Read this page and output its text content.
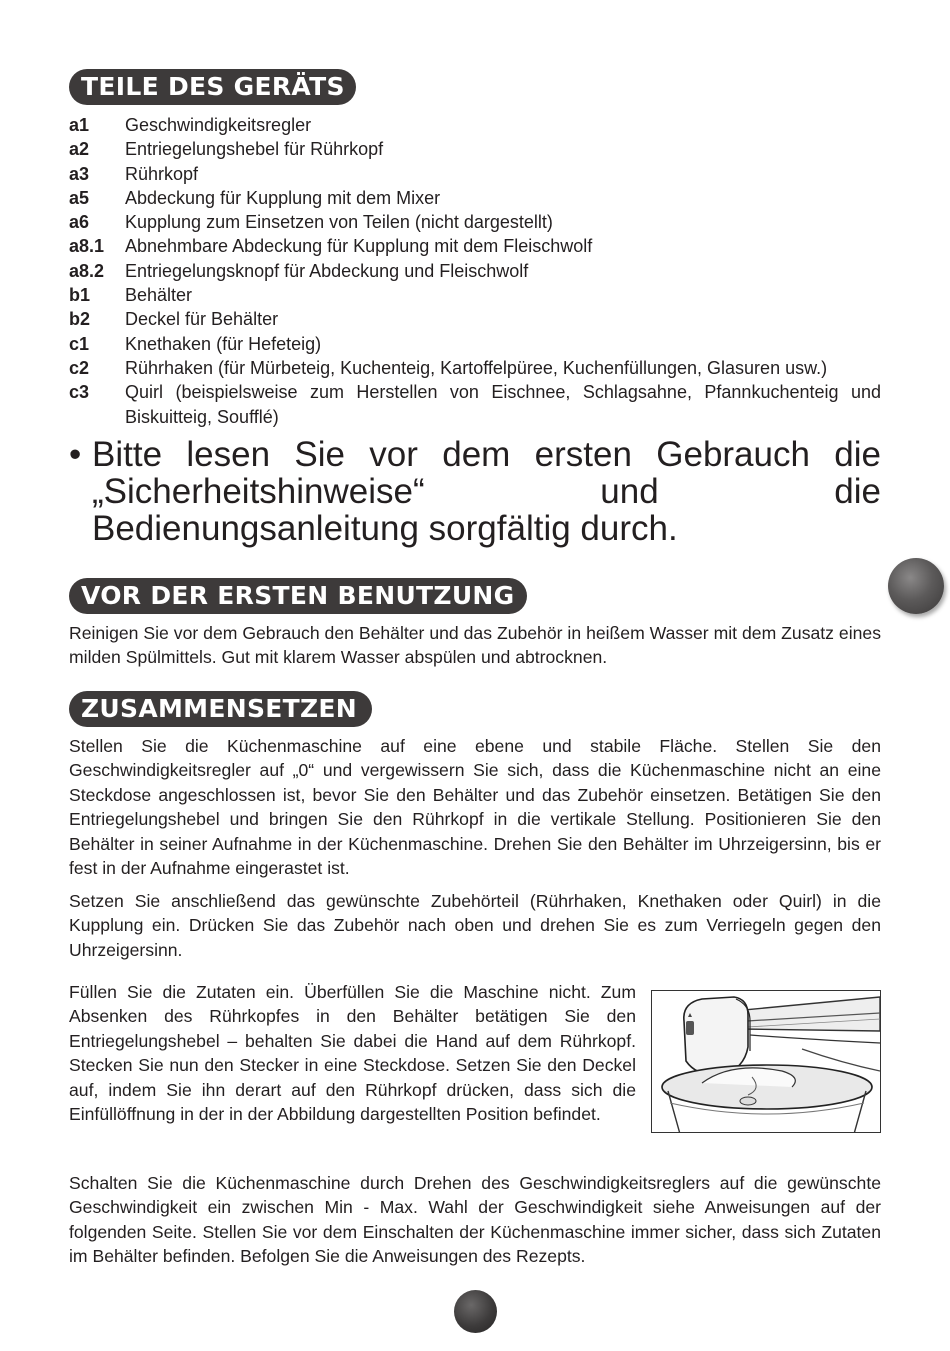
TEILE DES GERÄTS
a1	Geschwindigkeitsregler
a2	Entriegelungshebel für Rührkopf
a3	Rührkopf
a5	Abdeckung für Kupplung mit dem Mixer
a6	Kupplung zum Einsetzen von Teilen (nicht dargestellt)
a8.1	Abnehmbare Abdeckung für Kupplung mit dem Fleischwolf
a8.2	Entriegelungsknopf für Abdeckung und Fleischwolf
b1	Behälter
b2	Deckel für Behälter
c1	Knethaken (für Hefeteig)
c2	Rührhaken (für Mürbeteig, Kuchenteig, Kartoffelpüree, Kuchenfüllungen, Glasuren usw.)
c3	Quirl (beispielsweise zum Herstellen von Eischnee, Schlagsahne, Pfannkuchenteig und Biskuitteig, Soufflé)
• Bitte lesen Sie vor dem ersten Gebrauch die „Sicherheitshinweise“ und die Bedienungsanleitung sorgfältig durch.
VOR DER ERSTEN BENUTZUNG

Reinigen Sie vor dem Gebrauch den Behälter und das Zubehör in heißem Wasser mit dem Zusatz eines milden Spülmittels. Gut mit klarem Wasser abspülen und abtrocknen.

ZUSAMMENSETZEN

Stellen Sie die Küchenmaschine auf eine ebene und stabile Fläche. Stellen Sie den Geschwindigkeitsregler auf „0“ und vergewissern Sie sich, dass die Küchenmaschine nicht an eine Steckdose angeschlossen ist, bevor Sie den Behälter und das Zubehör einsetzen. Betätigen Sie den Entriegelungshebel und bringen Sie den Rührkopf in die vertikale Stellung. Positionieren Sie den Behälter in seiner Aufnahme in der Küchenmaschine. Drehen Sie den Behälter im Uhrzeigersinn, bis er fest in der Aufnahme eingerastet ist.

Setzen Sie anschließend das gewünschte Zubehörteil (Rührhaken, Knethaken oder Quirl) in die Kupplung ein. Drücken Sie das Zubehör nach oben und drehen Sie es zum Verriegeln gegen den Uhrzeigersinn.

Füllen Sie die Zutaten ein. Überfüllen Sie die Maschine nicht. Zum Absenken des Rührkopfes in den Behälter betätigen Sie den Entriegelungshebel – behalten Sie dabei die Hand auf dem Rührkopf. Stecken Sie nun den Stecker in eine Steckdose. Setzen Sie den Deckel auf, indem Sie ihn derart auf den Rührkopf drücken, dass sich die Einfüllöffnung in der in der Abbildung dargestellten Position befindet.

Schalten Sie die Küchenmaschine durch Drehen des Geschwindigkeitsreglers auf die gewünschte Geschwindigkeit ein zwischen Min - Max. Wahl der Geschwindigkeit siehe Anweisungen auf der folgenden Seite. Stellen Sie vor dem Einschalten der Küchenmaschine immer sicher, dass sich Zutaten im Behälter befinden. Befolgen Sie die Anweisungen des Rezepts.
